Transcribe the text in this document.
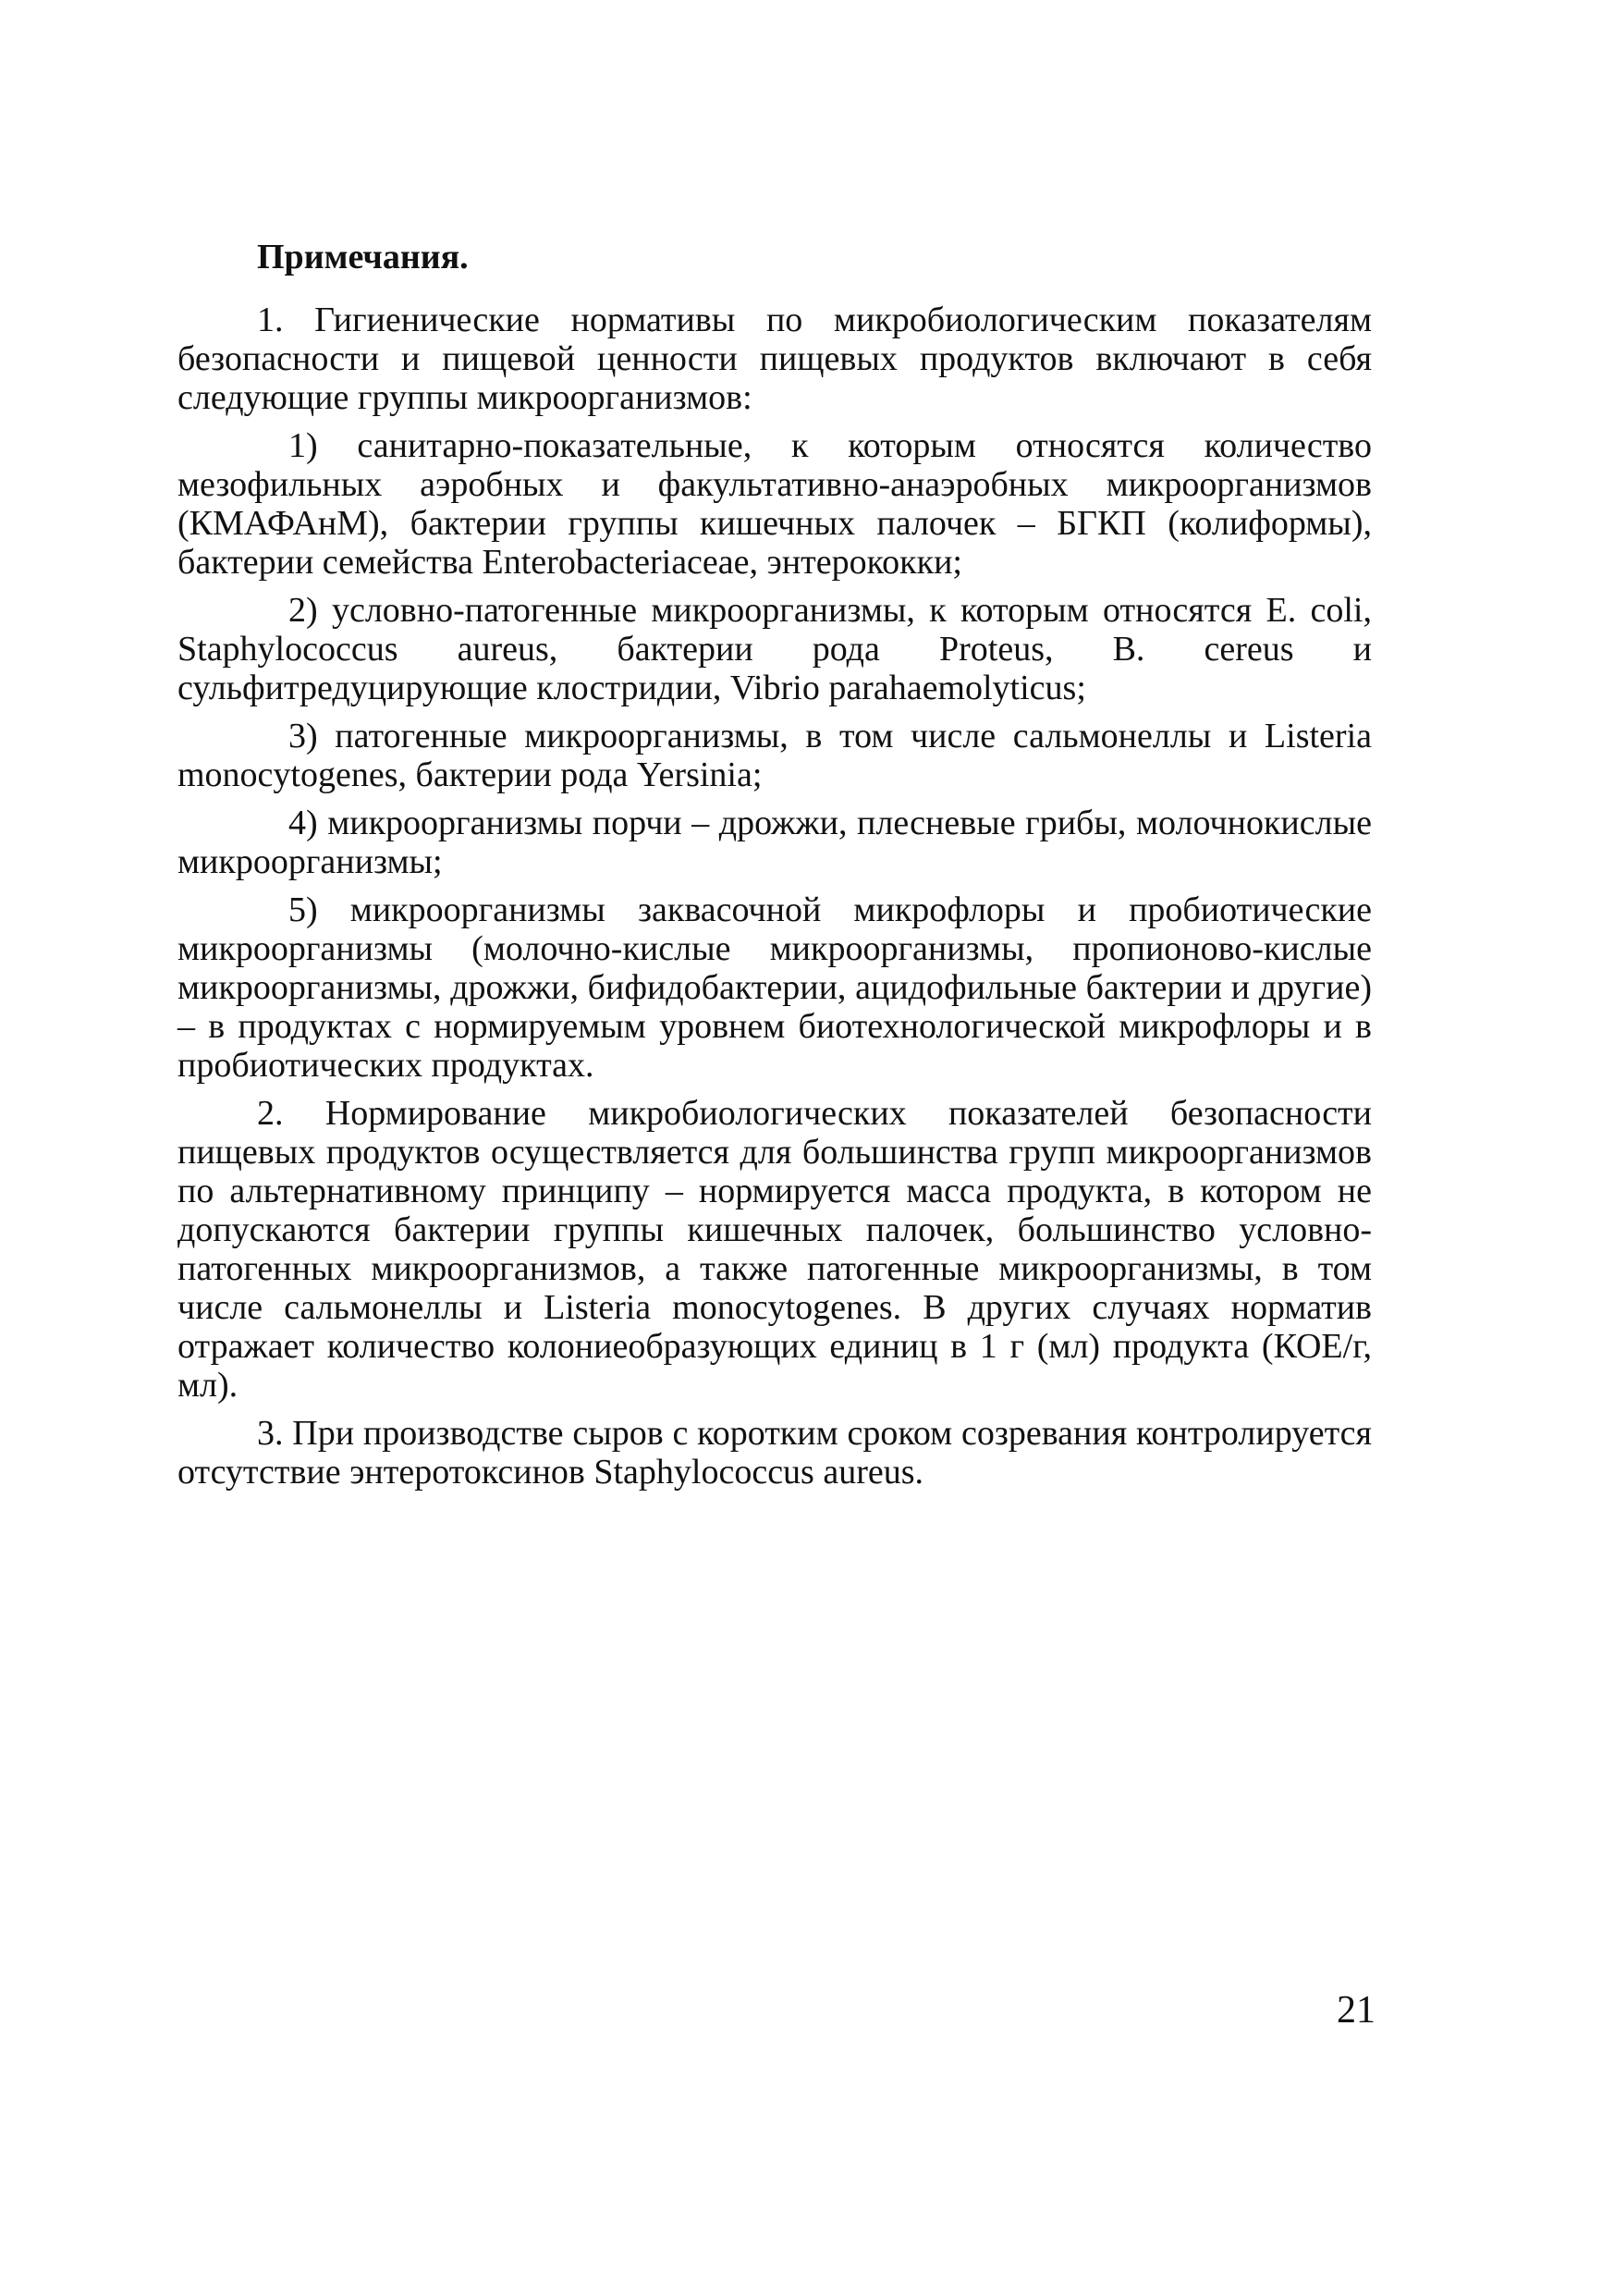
Примечания.

1. Гигиенические нормативы по микробиологическим показателям безопасности и пищевой ценности пищевых продуктов включают в себя следующие группы микроорганизмов:

1) санитарно-показательные, к которым относятся количество мезофильных аэробных и факультативно-анаэробных микроорганизмов (КМАФАнМ), бактерии группы кишечных палочек – БГКП (колиформы), бактерии семейства Enterobacteriaceae, энтерококки;

2) условно-патогенные микроорганизмы, к которым относятся E. coli, Staphylococcus aureus, бактерии рода Proteus, B. cereus и сульфитредуцирующие клостридии, Vibrio parahaemolyticus;

3) патогенные микроорганизмы, в том числе сальмонеллы и Listeria monocytogenes, бактерии рода Yersinia;

4) микроорганизмы порчи – дрожжи, плесневые грибы, молочнокислые микроорганизмы;

5) микроорганизмы заквасочной микрофлоры и пробиотические микроорганизмы (молочно-кислые микроорганизмы, пропионово-кислые микроорганизмы, дрожжи, бифидобактерии, ацидофильные бактерии и другие) – в продуктах с нормируемым уровнем биотехнологической микрофлоры и в пробиотических продуктах.

2. Нормирование микробиологических показателей безопасности пищевых продуктов осуществляется для большинства групп микроорганизмов по альтернативному принципу – нормируется масса продукта, в котором не допускаются бактерии группы кишечных палочек, большинство условно-патогенных микроорганизмов, а также патогенные микроорганизмы, в том числе сальмонеллы и Listeria monocytogenes. В других случаях норматив отражает количество колониеобразующих единиц в 1 г (мл) продукта (КОЕ/г, мл).

3. При производстве сыров с коротким сроком созревания контролируется отсутствие энтеротоксинов Staphylococcus aureus.

21
